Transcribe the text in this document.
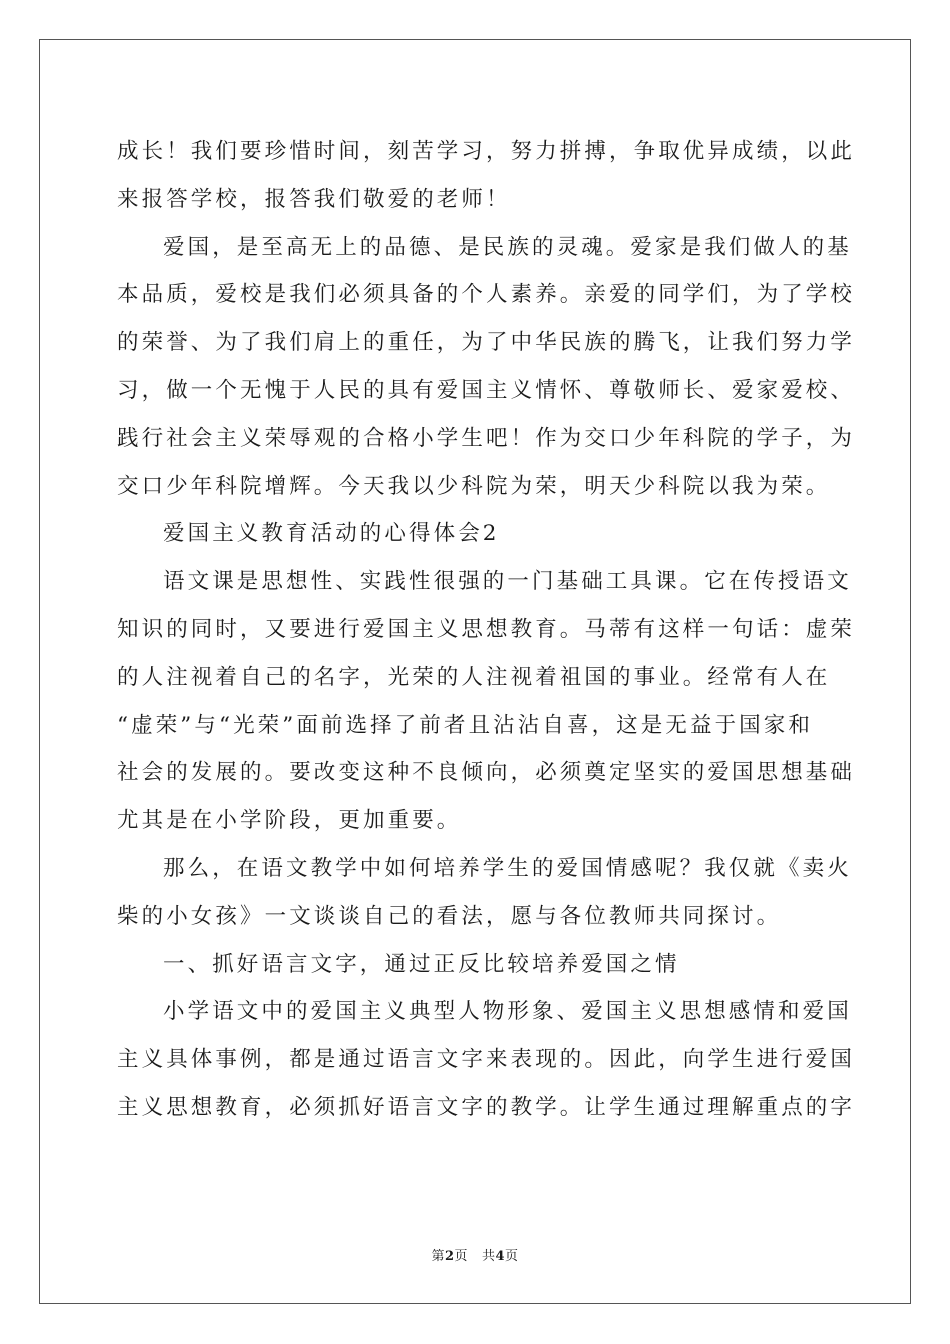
成长！我们要珍惜时间，刻苦学习，努力拼搏，争取优异成绩，以此
来报答学校，报答我们敬爱的老师！
爱国，是至高无上的品德、是民族的灵魂。爱家是我们做人的基
本品质，爱校是我们必须具备的个人素养。亲爱的同学们，为了学校
的荣誉、为了我们肩上的重任，为了中华民族的腾飞，让我们努力学
习，做一个无愧于人民的具有爱国主义情怀、尊敬师长、爱家爱校、
践行社会主义荣辱观的合格小学生吧！作为交口少年科院的学子，为
交口少年科院增辉。今天我以少科院为荣，明天少科院以我为荣。
爱国主义教育活动的心得体会2
语文课是思想性、实践性很强的一门基础工具课。它在传授语文
知识的同时，又要进行爱国主义思想教育。马蒂有这样一句话：虚荣
的人注视着自己的名字，光荣的人注视着祖国的事业。经常有人在
“虚荣”与“光荣”面前选择了前者且沾沾自喜，这是无益于国家和
社会的发展的。要改变这种不良倾向，必须奠定坚实的爱国思想基础
尤其是在小学阶段，更加重要。
那么，在语文教学中如何培养学生的爱国情感呢？我仅就《卖火
柴的小女孩》一文谈谈自己的看法，愿与各位教师共同探讨。
一、抓好语言文字，通过正反比较培养爱国之情
小学语文中的爱国主义典型人物形象、爱国主义思想感情和爱国
主义具体事例，都是通过语言文字来表现的。因此，向学生进行爱国
主义思想教育，必须抓好语言文字的教学。让学生通过理解重点的字
第2页 共4页
